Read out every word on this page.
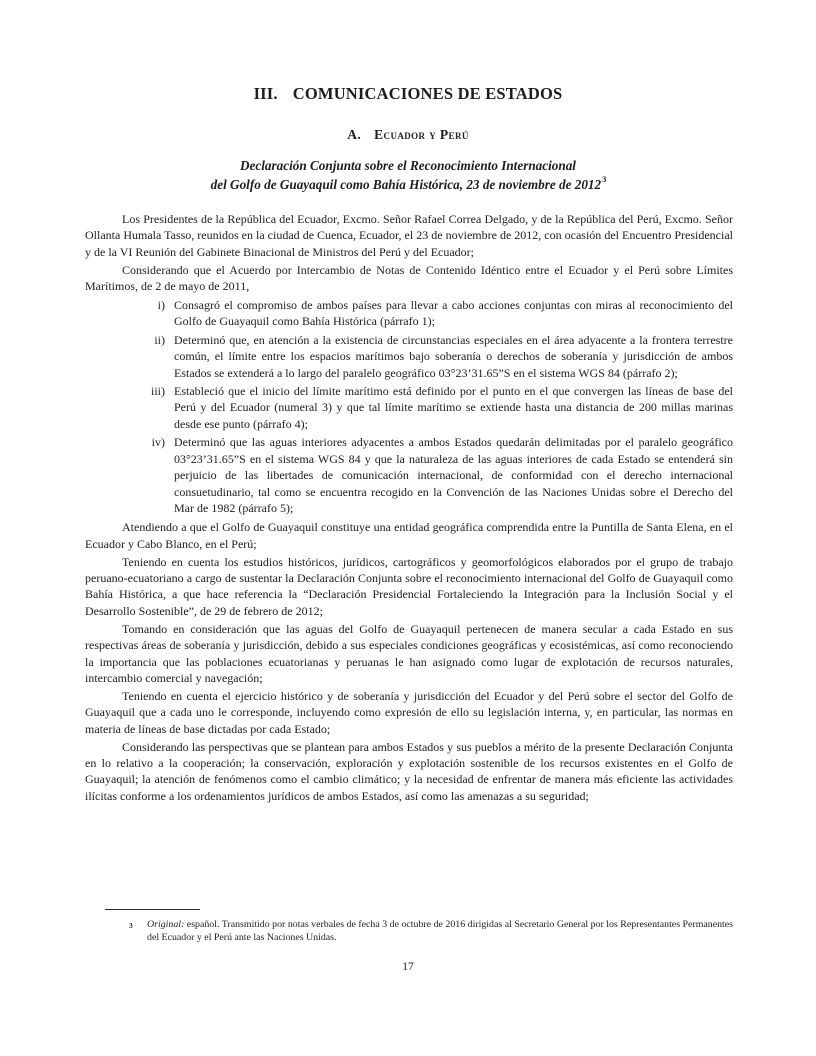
III. COMUNICACIONES DE ESTADOS
A. Ecuador y Perú
Declaración Conjunta sobre el Reconocimiento Internacional
del Golfo de Guayaquil como Bahía Histórica, 23 de noviembre de 2012$^3$

Los Presidentes de la República del Ecuador, Excmo. Señor Rafael Correa Delgado, y de la República del Perú, Excmo. Señor Ollanta Humala Tasso, reunidos en la ciudad de Cuenca, Ecuador, el 23 de noviembre de 2012, con ocasión del Encuentro Presidencial y de la VI Reunión del Gabinete Binacional de Ministros del Perú y del Ecuador;

Considerando que el Acuerdo por Intercambio de Notas de Contenido Idéntico entre el Ecuador y el Perú sobre Límites Marítimos, de 2 de mayo de 2011,

i) Consagró el compromiso de ambos países para llevar a cabo acciones conjuntas con miras al reconocimiento del Golfo de Guayaquil como Bahía Histórica (párrafo 1);
ii) Determinó que, en atención a la existencia de circunstancias especiales en el área adyacente a la frontera terrestre común, el límite entre los espacios marítimos bajo soberanía o derechos de soberanía y jurisdicción de ambos Estados se extenderá a lo largo del paralelo geográfico 03°23’31.65”S en el sistema WGS 84 (párrafo 2);
iii) Estableció que el inicio del límite marítimo está definido por el punto en el que convergen las líneas de base del Perú y del Ecuador (numeral 3) y que tal límite marítimo se extiende hasta una distancia de 200 millas marinas desde ese punto (párrafo 4);
iv) Determinó que las aguas interiores adyacentes a ambos Estados quedarán delimitadas por el paralelo geográfico 03°23’31.65”S en el sistema WGS 84 y que la naturaleza de las aguas interiores de cada Estado se entenderá sin perjuicio de las libertades de comunicación internacional, de conformidad con el derecho internacional consuetudinario, tal como se encuentra recogido en la Convención de las Naciones Unidas sobre el Derecho del Mar de 1982 (párrafo 5);

Atendiendo a que el Golfo de Guayaquil constituye una entidad geográfica comprendida entre la Puntilla de Santa Elena, en el Ecuador y Cabo Blanco, en el Perú;

Teniendo en cuenta los estudios históricos, jurídicos, cartográficos y geomorfológicos elaborados por el grupo de trabajo peruano-ecuatoriano a cargo de sustentar la Declaración Conjunta sobre el reconocimiento internacional del Golfo de Guayaquil como Bahía Histórica, a que hace referencia la “Declaración Presidencial Fortaleciendo la Integración para la Inclusión Social y el Desarrollo Sostenible”, de 29 de febrero de 2012;

Tomando en consideración que las aguas del Golfo de Guayaquil pertenecen de manera secular a cada Estado en sus respectivas áreas de soberanía y jurisdicción, debido a sus especiales condiciones geográficas y ecosistémicas, así como reconociendo la importancia que las poblaciones ecuatorianas y peruanas le han asignado como lugar de explotación de recursos naturales, intercambio comercial y navegación;

Teniendo en cuenta el ejercicio histórico y de soberanía y jurisdicción del Ecuador y del Perú sobre el sector del Golfo de Guayaquil que a cada uno le corresponde, incluyendo como expresión de ello su legislación interna, y, en particular, las normas en materia de líneas de base dictadas por cada Estado;

Considerando las perspectivas que se plantean para ambos Estados y sus pueblos a mérito de la presente Declaración Conjunta en lo relativo a la cooperación; la conservación, exploración y explotación sostenible de los recursos existentes en el Golfo de Guayaquil; la atención de fenómenos como el cambio climático; y la necesidad de enfrentar de manera más eficiente las actividades ilícitas conforme a los ordenamientos jurídicos de ambos Estados, así como las amenazas a su seguridad;

3 Original: español. Transmitido por notas verbales de fecha 3 de octubre de 2016 dirigidas al Secretario General por los Representantes Permanentes del Ecuador y el Perú ante las Naciones Unidas.
17
